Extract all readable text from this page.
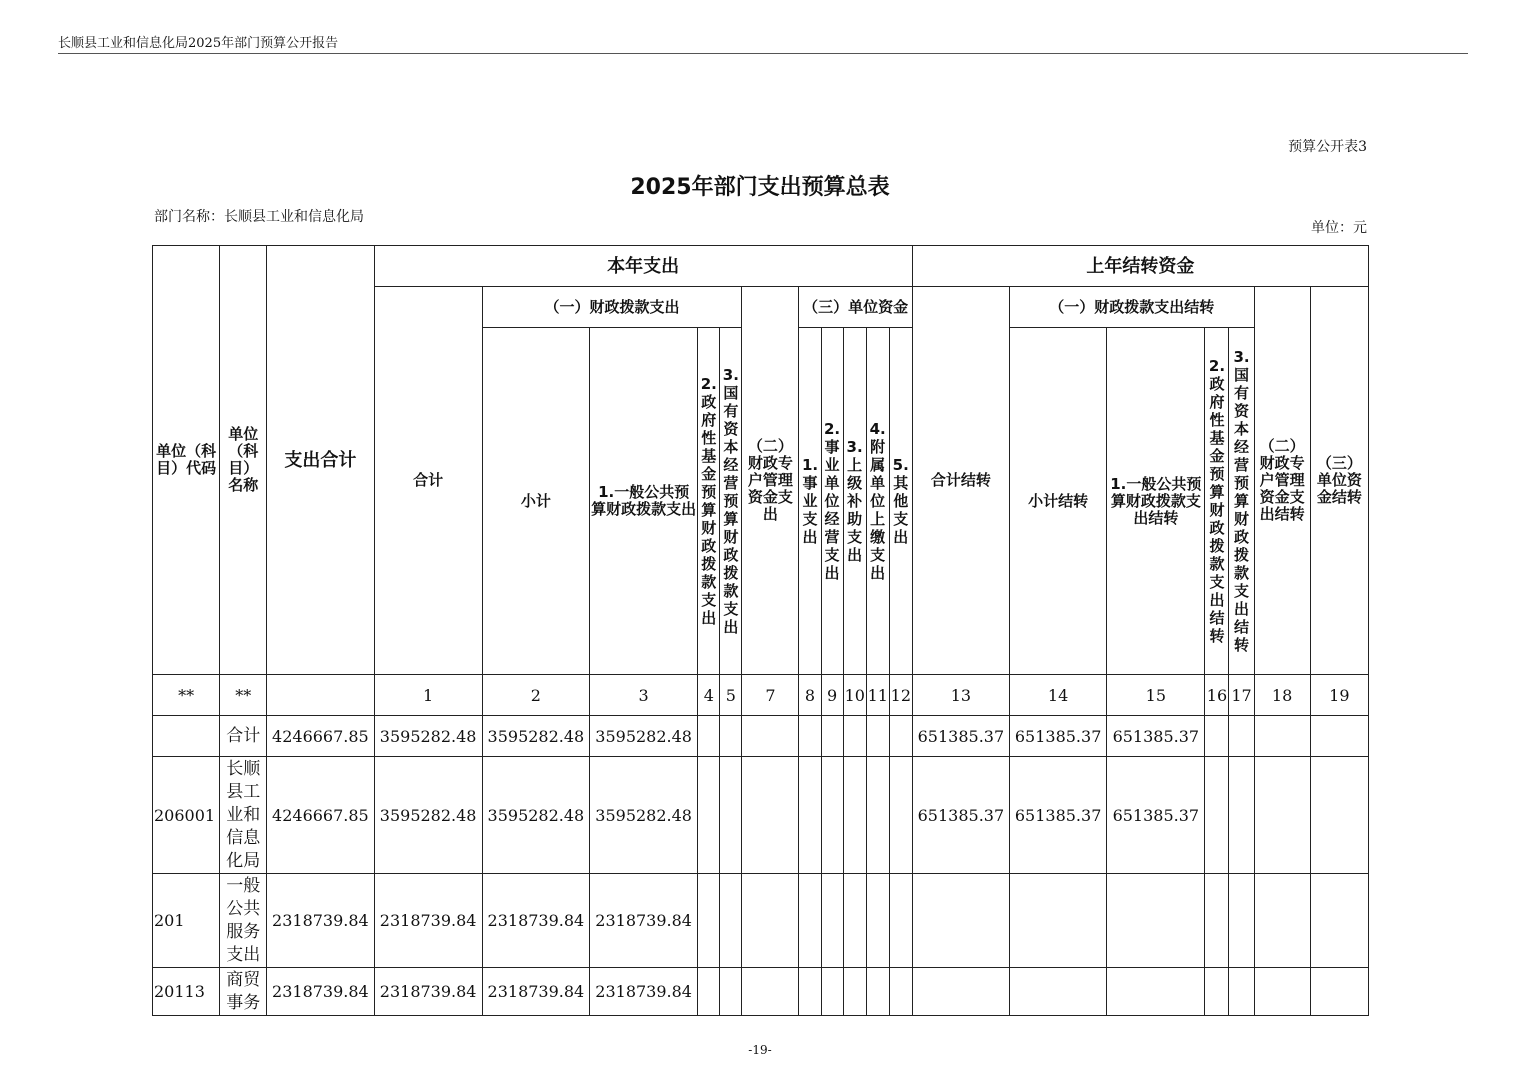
长顺县工业和信息化局2025年部门预算公开报告
预算公开表3
2025年部门支出预算总表
部门名称：长顺县工业和信息化局
单位：元
单位（科目）代码	单位（科目）名称	支出合计	本年支出											上年结转资金						
			合计	（一）财政拨款支出				（二）财政专户管理资金支出	（三）单位资金					合计结转	（一）财政拨款支出结转				（二）财政专户管理资金支出结转	（三）单位资金结转
				小计	1.一般公共预算财政拨款支出	2.政府性基金预算财政拨款支出	3.国有资本经营预算财政拨款支出		1.事业支出	2.事业单位经营支出	3.上级补助支出	4.附属单位上缴支出	5.其他支出		小计结转	1.一般公共预算财政拨款支出结转	2.政府性基金预算财政拨款支出结转	3.国有资本经营预算财政拨款支出结转		
**	**		1	2	3	4	5	7	8	9	10	11	12	13	14	15	16	17	18	19
	合计	4246667.85	3595282.48	3595282.48	3595282.48									651385.37	651385.37	651385.37				
206001	长顺县工业和信息化局	4246667.85	3595282.48	3595282.48	3595282.48									651385.37	651385.37	651385.37				
201	一般公共服务支出	2318739.84	2318739.84	2318739.84	2318739.84															
20113	商贸事务	2318739.84	2318739.84	2318739.84	2318739.84															
-19-
